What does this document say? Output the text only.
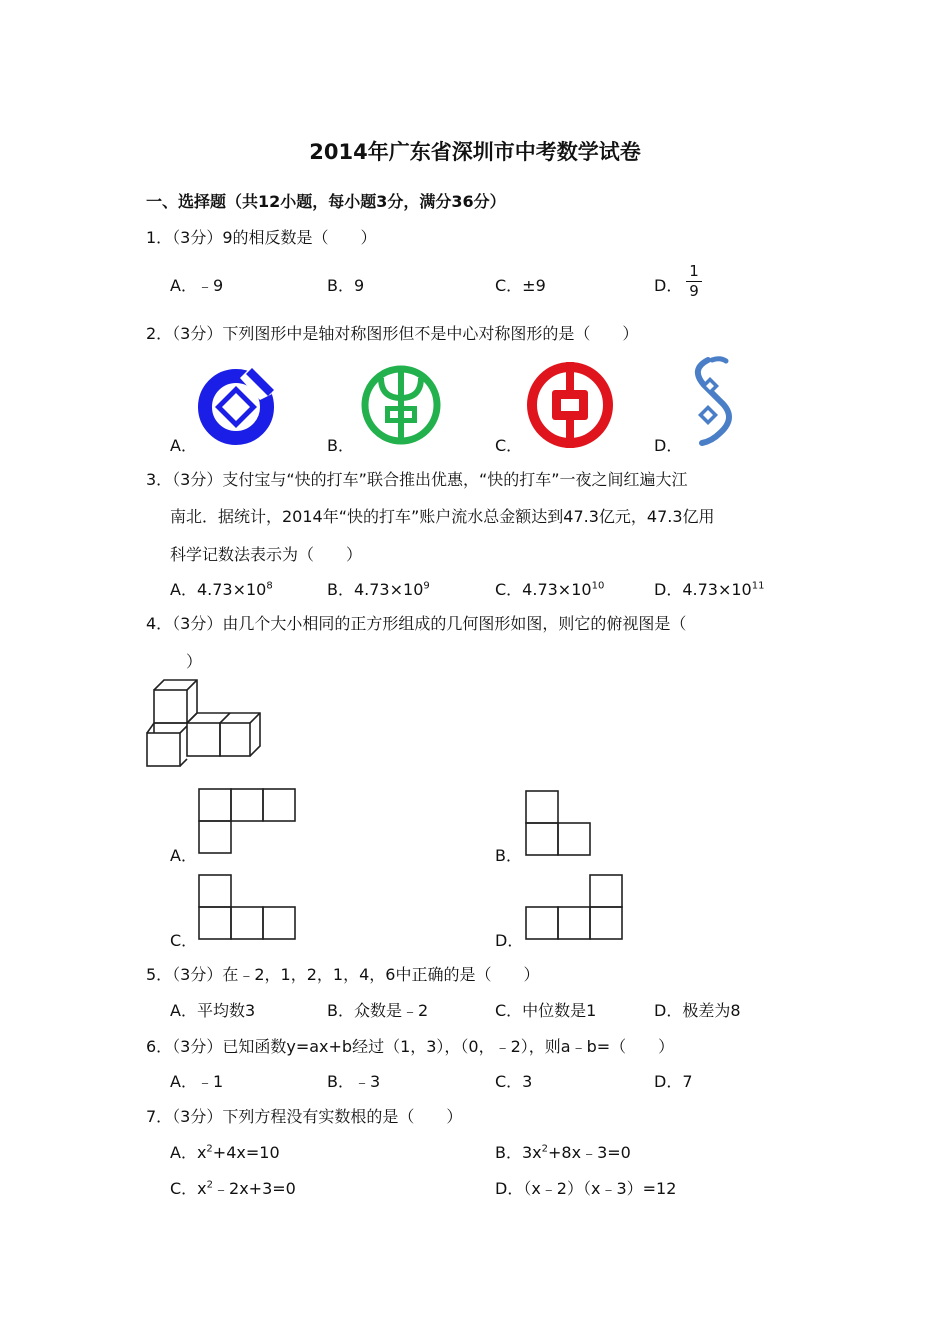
2014年广东省深圳市中考数学试卷
一、选择题（共12小题，每小题3分，满分36分）
1．（3分）9的相反数是（　　）
A．﹣9	B．9	C．±9	D．
1
9
2．（3分）下列图形中是轴对称图形但不是中心对称图形的是（　　）
A．	B．	C．	D．
3．（3分）支付宝与“快的打车”联合推出优惠，“快的打车”一夜之间红遍大江
南北．据统计，2014年“快的打车”账户流水总金额达到47.3亿元，47.3亿用
科学记数法表示为（　　）
A．$4.73\times 10^8$	B．$4.73\times 10^9$	C．$4.73\times 10^{10}$	D．$4.73\times 10^{11}$
4．（3分）由几个大小相同的正方形组成的几何图形如图，则它的俯视图是（
）
A．	B．
C．	D．
5．（3分）在﹣2，1，2，1，4，6中正确的是（　　）
A．平均数3	B．众数是﹣2	C．中位数是1	D．极差为8
6．（3分）已知函数y=ax+b经过（1，3），（0，﹣2），则a﹣b=（　　）
A．﹣1	B．﹣3	C．3	D．7
7．（3分）下列方程没有实数根的是（　　）
A．$x^2+4x=10$	B．$3x^2+8x﹣3=0$
C．$x^2﹣2x+3=0$	D．（x﹣2）（x﹣3）=12
